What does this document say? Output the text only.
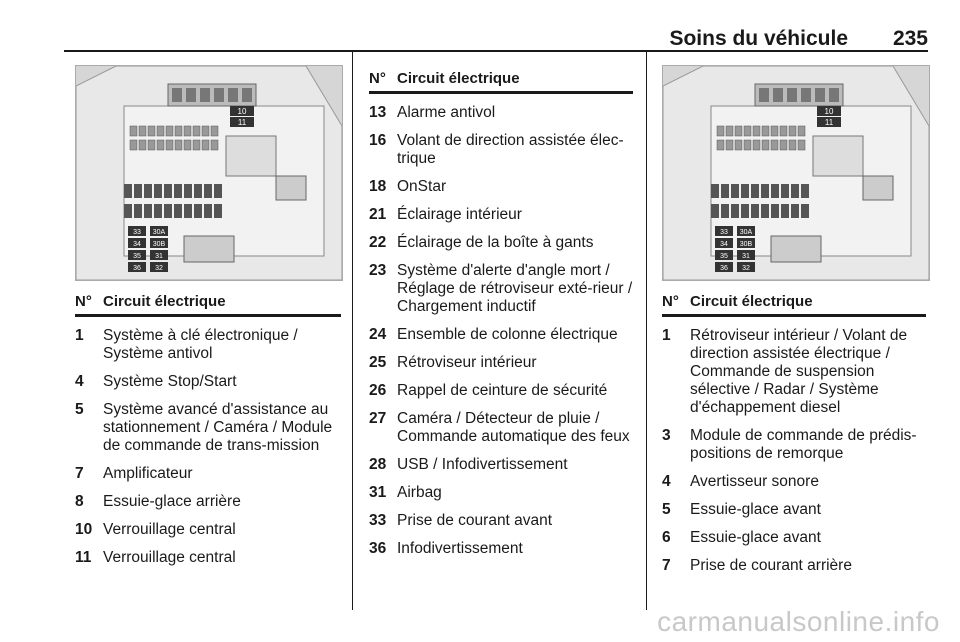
Soins du véhicule 235
10
11
33 30A
34 30B
35 31
36 32
10
11
33 30A
34 30B
35 31
36 32
N° Circuit électrique
1	Système à clé électronique / Système antivol
4	Système Stop/Start
5	Système avancé d'assistance au stationnement / Caméra / Module de commande de trans-mission
7	Amplificateur
8	Essuie-glace arrière
10 Verrouillage central
11 Verrouillage central
N° Circuit électrique
13 Alarme antivol
16 Volant de direction assistée élec-trique
18 OnStar
21 Éclairage intérieur
22 Éclairage de la boîte à gants
23 Système d'alerte d'angle mort / Réglage de rétroviseur exté-rieur / Chargement inductif
24 Ensemble de colonne électrique
25 Rétroviseur intérieur
26 Rappel de ceinture de sécurité
27 Caméra / Détecteur de pluie / Commande automatique des feux
28 USB / Infodivertissement
31 Airbag
33 Prise de courant avant
36 Infodivertissement
N° Circuit électrique
1	Rétroviseur intérieur / Volant de direction assistée électrique / Commande de suspension sélective / Radar / Système d'échappement diesel
3	Module de commande de prédis-positions de remorque
4	Avertisseur sonore
5	Essuie-glace avant
6	Essuie-glace avant
7	Prise de courant arrière
carmanualsonline.info
